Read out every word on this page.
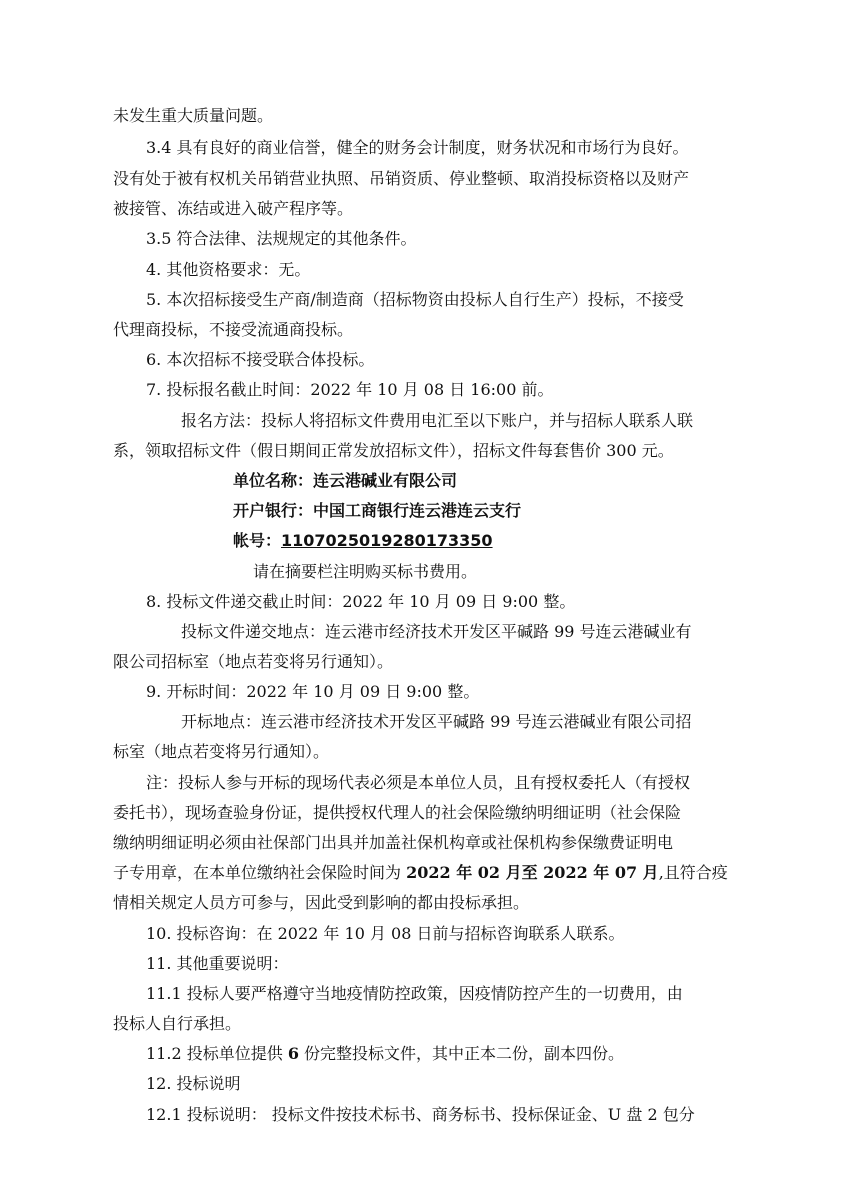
未发生重大质量问题。
3.4 具有良好的商业信誉，健全的财务会计制度，财务状况和市场行为良好。
没有处于被有权机关吊销营业执照、吊销资质、停业整顿、取消投标资格以及财产
被接管、冻结或进入破产程序等。
3.5 符合法律、法规规定的其他条件。
4. 其他资格要求：无。
5. 本次招标接受生产商/制造商（招标物资由投标人自行生产）投标，不接受
代理商投标，不接受流通商投标。
6. 本次招标不接受联合体投标。
7. 投标报名截止时间：2022 年 10 月 08 日 16:00 前。
报名方法：投标人将招标文件费用电汇至以下账户，并与招标人联系人联
系，领取招标文件（假日期间正常发放招标文件），招标文件每套售价 300 元。
单位名称：连云港碱业有限公司
开户银行：中国工商银行连云港连云支行
帐号：1107025019280173350
请在摘要栏注明购买标书费用。
8. 投标文件递交截止时间：2022 年 10 月 09 日 9:00 整。
投标文件递交地点：连云港市经济技术开发区平碱路 99 号连云港碱业有
限公司招标室（地点若变将另行通知）。
9. 开标时间：2022 年 10 月 09 日 9:00 整。
开标地点：连云港市经济技术开发区平碱路 99 号连云港碱业有限公司招
标室（地点若变将另行通知）。
注：投标人参与开标的现场代表必须是本单位人员，且有授权委托人（有授权
委托书），现场查验身份证，提供授权代理人的社会保险缴纳明细证明（社会保险
缴纳明细证明必须由社保部门出具并加盖社保机构章或社保机构参保缴费证明电
子专用章，在本单位缴纳社会保险时间为 2022 年 02 月至 2022 年 07 月,且符合疫
情相关规定人员方可参与，因此受到影响的都由投标承担。
10. 投标咨询：在 2022 年 10 月 08 日前与招标咨询联系人联系。
11. 其他重要说明：
11.1 投标人要严格遵守当地疫情防控政策，因疫情防控产生的一切费用，由
投标人自行承担。
11.2 投标单位提供 6 份完整投标文件，其中正本二份，副本四份。
12. 投标说明
12.1 投标说明： 投标文件按技术标书、商务标书、投标保证金、U 盘 2 包分
